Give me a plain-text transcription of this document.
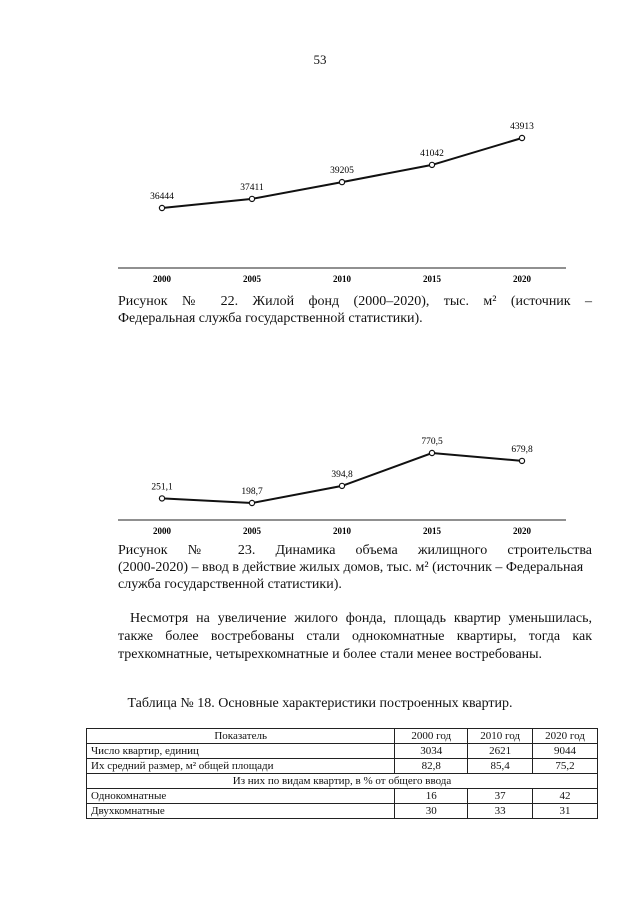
53
36444
2000
37411
2005
39205
2010
41042
2015
43913
2020
Рисунок № 22. Жилой фонд (2000–2020), тыс. м² (источник –
Федеральная служба государственной статистики).
251,1
2000
198,7
2005
394,8
2010
770,5
2015
679,8
2020
Рисунок № 23. Динамика объема жилищного строительства
(2000-2020) – ввод в действие жилых домов, тыс. м² (источник – Федеральная
служба государственной статистики).
Несмотря на увеличение жилого фонда, площадь квартир уменьшилась, также более востребованы стали однокомнатные квартиры, тогда как трехкомнатные, четырехкомнатные и более стали менее востребованы.
Таблица № 18. Основные характеристики построенных квартир.
Показатель	2000 год	2010 год	2020 год
Число квартир, единиц	3034	2621	9044
Их средний размер, м² общей площади	82,8	85,4	75,2
Из них по видам квартир, в % от общего ввода			
Однокомнатные	16	37	42
Двухкомнатные	30	33	31
